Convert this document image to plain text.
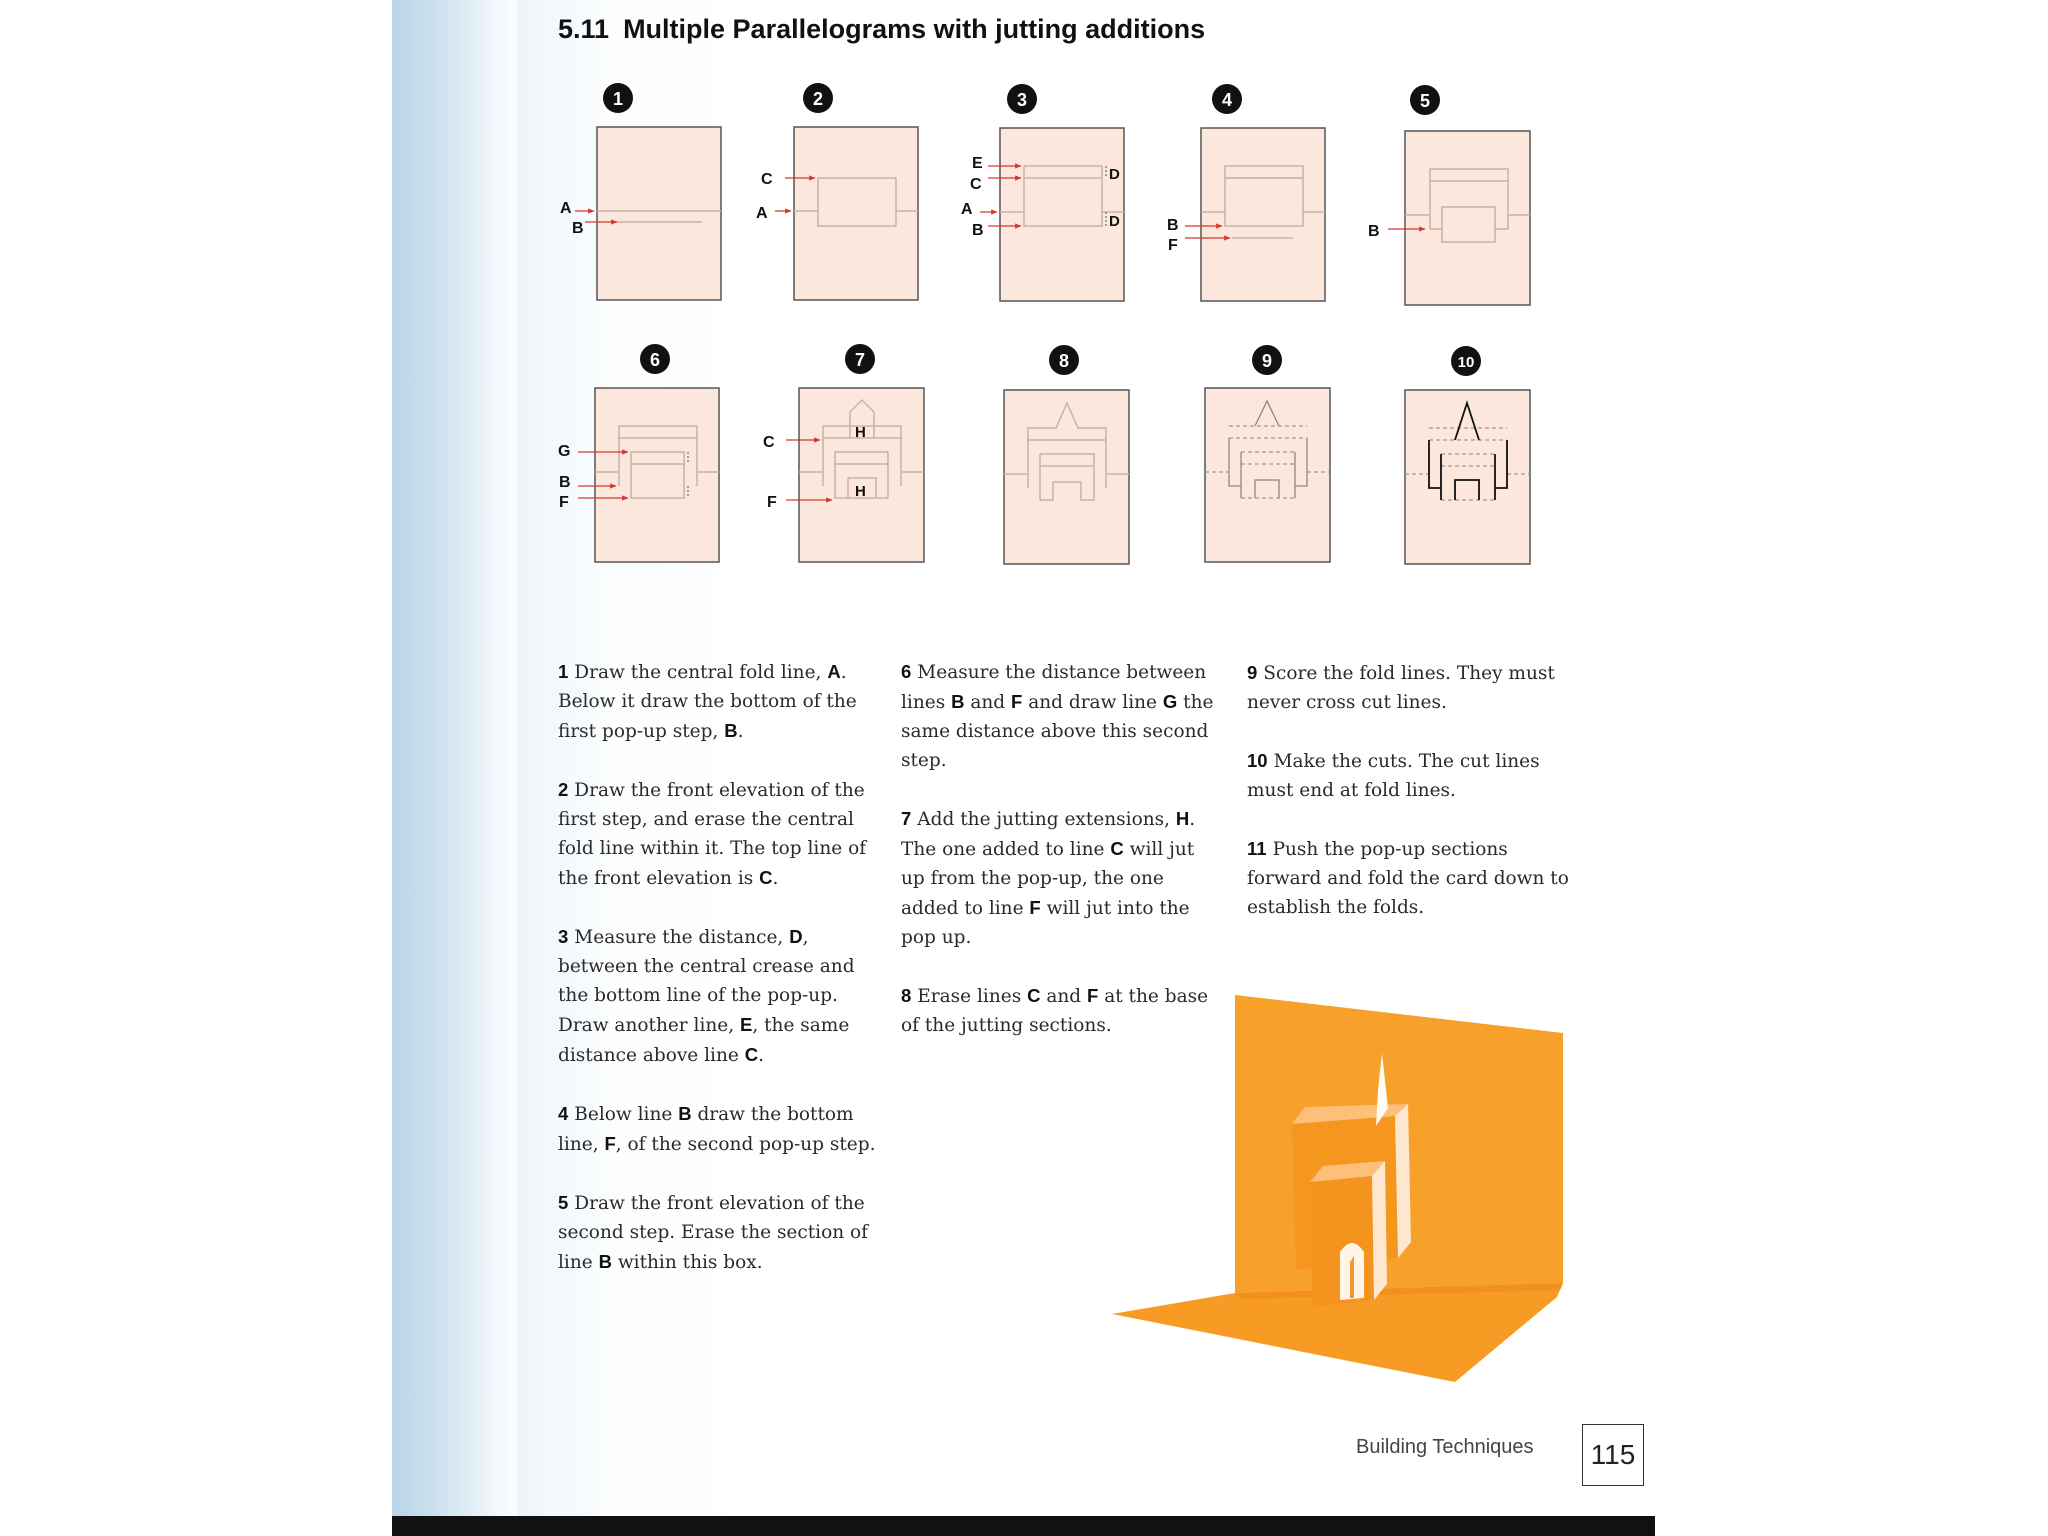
5.11 Multiple Parallelograms with jutting additions
1
A
B
2
C
A
3
E
C
A
B
D
D
4
B
F
5
B
6
G
B
F
7
C
F
H
H
8	9	10

1 Draw the central fold line, A. Below it draw the bottom of the first pop-up step, B.

2 Draw the front elevation of the first step, and erase the central fold line within it. The top line of the front elevation is C.

3 Measure the distance, D, between the central crease and the bottom line of the pop-up. Draw another line, E, the same distance above line C.

4 Below line B draw the bottom line, F, of the second pop-up step.

5 Draw the front elevation of the second step. Erase the section of line B within this box.

6 Measure the distance between lines B and F and draw line G the same distance above this second step.

7 Add the jutting extensions, H. The one added to line C will jut up from the pop-up, the one added to line F will jut into the pop up.

8 Erase lines C and F at the base of the jutting sections.

9 Score the fold lines. They must never cross cut lines.

10 Make the cuts. The cut lines must end at fold lines.

11 Push the pop-up sections forward and fold the card down to establish the folds.

Building Techniques	115
